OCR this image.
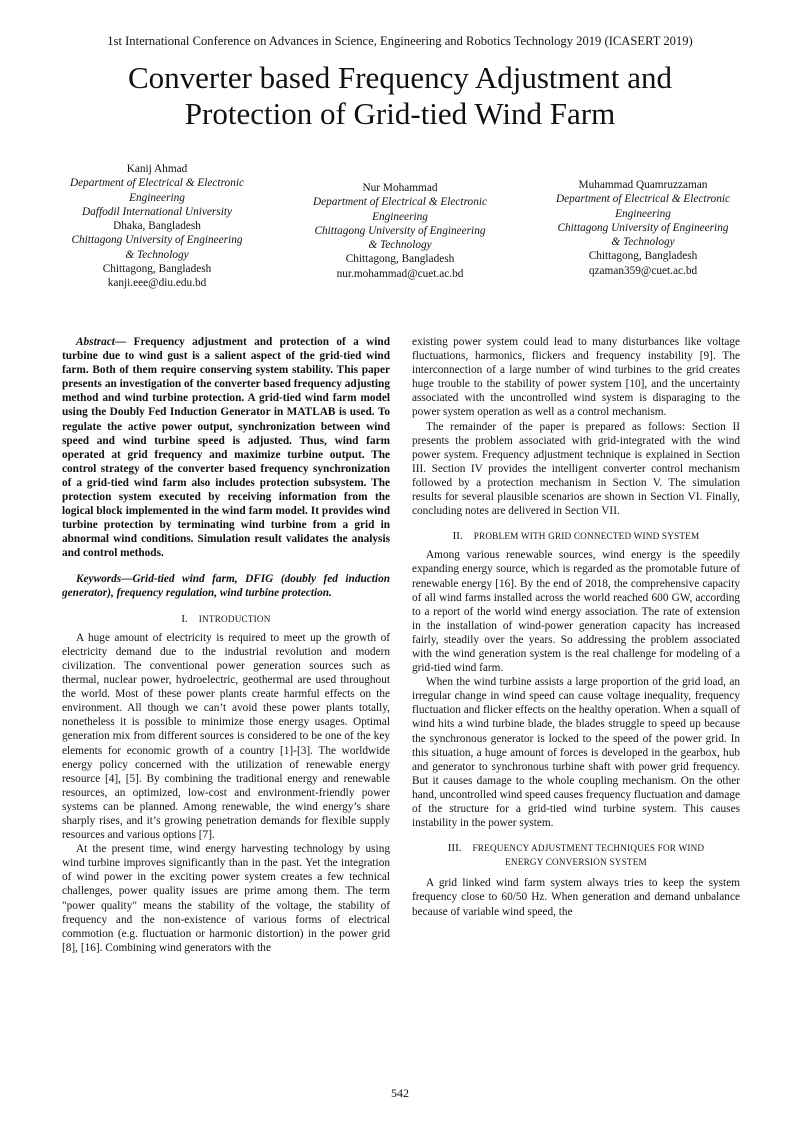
1st International Conference on Advances in Science, Engineering and Robotics Technology 2019 (ICASERT 2019)
Converter based Frequency Adjustment and
Protection of Grid-tied Wind Farm
Kanij Ahmad
Department of Electrical & Electronic
Engineering
Daffodil International University
Dhaka, Bangladesh
Chittagong University of Engineering
& Technology
Chittagong, Bangladesh
kanji.eee@diu.edu.bd
Nur Mohammad
Department of Electrical & Electronic
Engineering
Chittagong University of Engineering
& Technology
Chittagong, Bangladesh
nur.mohammad@cuet.ac.bd
Muhammad Quamruzzaman
Department of Electrical & Electronic
Engineering
Chittagong University of Engineering
& Technology
Chittagong, Bangladesh
qzaman359@cuet.ac.bd

Abstract— Frequency adjustment and protection of a wind turbine due to wind gust is a salient aspect of the grid-tied wind farm. Both of them require conserving system stability. This paper presents an investigation of the converter based frequency adjusting method and wind turbine protection. A grid-tied wind farm model using the Doubly Fed Induction Generator in MATLAB is used. To regulate the active power output, synchronization between wind speed and wind turbine speed is adjusted. Thus, wind farm operated at grid frequency and maximize turbine output. The control strategy of the converter based frequency synchronization of a grid-tied wind farm also includes protection subsystem. The protection system executed by receiving information from the logical block implemented in the wind farm model. It provides wind turbine protection by terminating wind turbine from a grid in abnormal wind conditions. Simulation result validates the analysis and control methods.

Keywords—Grid-tied wind farm, DFIG (doubly fed induction generator), frequency regulation, wind turbine protection.

I. INTRODUCTION

A huge amount of electricity is required to meet up the growth of electricity demand due to the industrial revolution and modern civilization. The conventional power generation sources such as thermal, nuclear power, hydroelectric, geothermal are used throughout the world. Most of these power plants create harmful effects on the environment. All though we can’t avoid these power plants totally, nonetheless it is possible to minimize those energy usages. Optimal generation mix from different sources is considered to be one of the key elements for economic growth of a country [1]-[3]. The worldwide energy policy concerned with the utilization of renewable energy resource [4], [5]. By combining the traditional energy and renewable resources, an optimized, low-cost and environment-friendly power systems can be planned. Among renewable, the wind energy’s share sharply rises, and it’s growing penetration demands for flexible supply resources and various options [7].

At the present time, wind energy harvesting technology by using wind turbine improves significantly than in the past. Yet the integration of wind power in the exciting power system creates a few technical challenges, power quality issues are prime among them. The term "power quality" means the stability of the voltage, the stability of frequency and the non-existence of various forms of electrical commotion (e.g. fluctuation or harmonic distortion) in the power grid [8], [16]. Combining wind generators with the

existing power system could lead to many disturbances like voltage fluctuations, harmonics, flickers and frequency instability [9]. The interconnection of a large number of wind turbines to the grid creates huge trouble to the stability of power system [10], and the uncertainty associated with the uncontrolled wind system is disparaging to the power system operation as well as a control mechanism.

The remainder of the paper is prepared as follows: Section II presents the problem associated with grid-integrated with the wind power system. Frequency adjustment technique is explained in Section III. Section IV provides the intelligent converter control mechanism followed by a protection mechanism in Section V. The simulation results for several plausible scenarios are shown in Section VI. Finally, concluding notes are delivered in Section VII.

II. PROBLEM WITH GRID CONNECTED WIND SYSTEM

Among various renewable sources, wind energy is the speedily expanding energy source, which is regarded as the promotable future of renewable energy [16]. By the end of 2018, the comprehensive capacity of all wind farms installed across the world reached 600 GW, according to a report of the world wind energy association. The rate of extension in the installation of wind-power generation capacity has increased fairly, steadily over the years. So addressing the problem associated with the wind generation system is the real challenge for modeling of a grid-tied wind farm.

When the wind turbine assists a large proportion of the grid load, an irregular change in wind speed can cause voltage inequality, frequency fluctuation and flicker effects on the healthy operation. When a squall of wind hits a wind turbine blade, the blades struggle to speed up because the synchronous generator is locked to the speed of the power grid. In this situation, a huge amount of forces is developed in the gearbox, hub and generator to synchronous turbine shaft with power grid frequency. But it causes damage to the whole coupling mechanism. On the other hand, uncontrolled wind speed causes frequency fluctuation and damage of the structure for a grid-tied wind turbine system. This causes instability in the power system.

III. FREQUENCY ADJUSTMENT TECHNIQUES FOR WIND
ENERGY CONVERSION SYSTEM

A grid linked wind farm system always tries to keep the system frequency close to 60/50 Hz. When generation and demand unbalance because of variable wind speed, the

542
